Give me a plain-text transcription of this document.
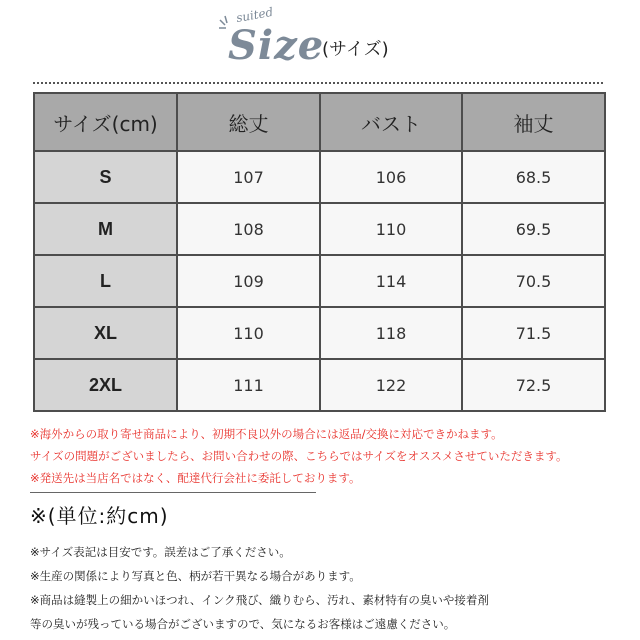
suited
Size
(サイズ)
サイズ(cm)	総丈	バスト	袖丈
S	107	106	68.5
M	108	110	69.5
L	109	114	70.5
XL	110	118	71.5
2XL	111	122	72.5
※海外からの取り寄せ商品により、初期不良以外の場合には返品/交換に対応できかねます。
サイズの問題がございましたら、お問い合わせの際、こちらではサイズをオススメさせていただきます。
※発送先は当店名ではなく、配達代行会社に委託しております。
※(単位:約cm)
※サイズ表記は目安です。誤差はご了承ください。
※生産の関係により写真と色、柄が若干異なる場合があります。
※商品は縫製上の細かいほつれ、インク飛び、織りむら、汚れ、素材特有の臭いや接着剤
等の臭いが残っている場合がございますので、気になるお客様はご遠慮ください。
